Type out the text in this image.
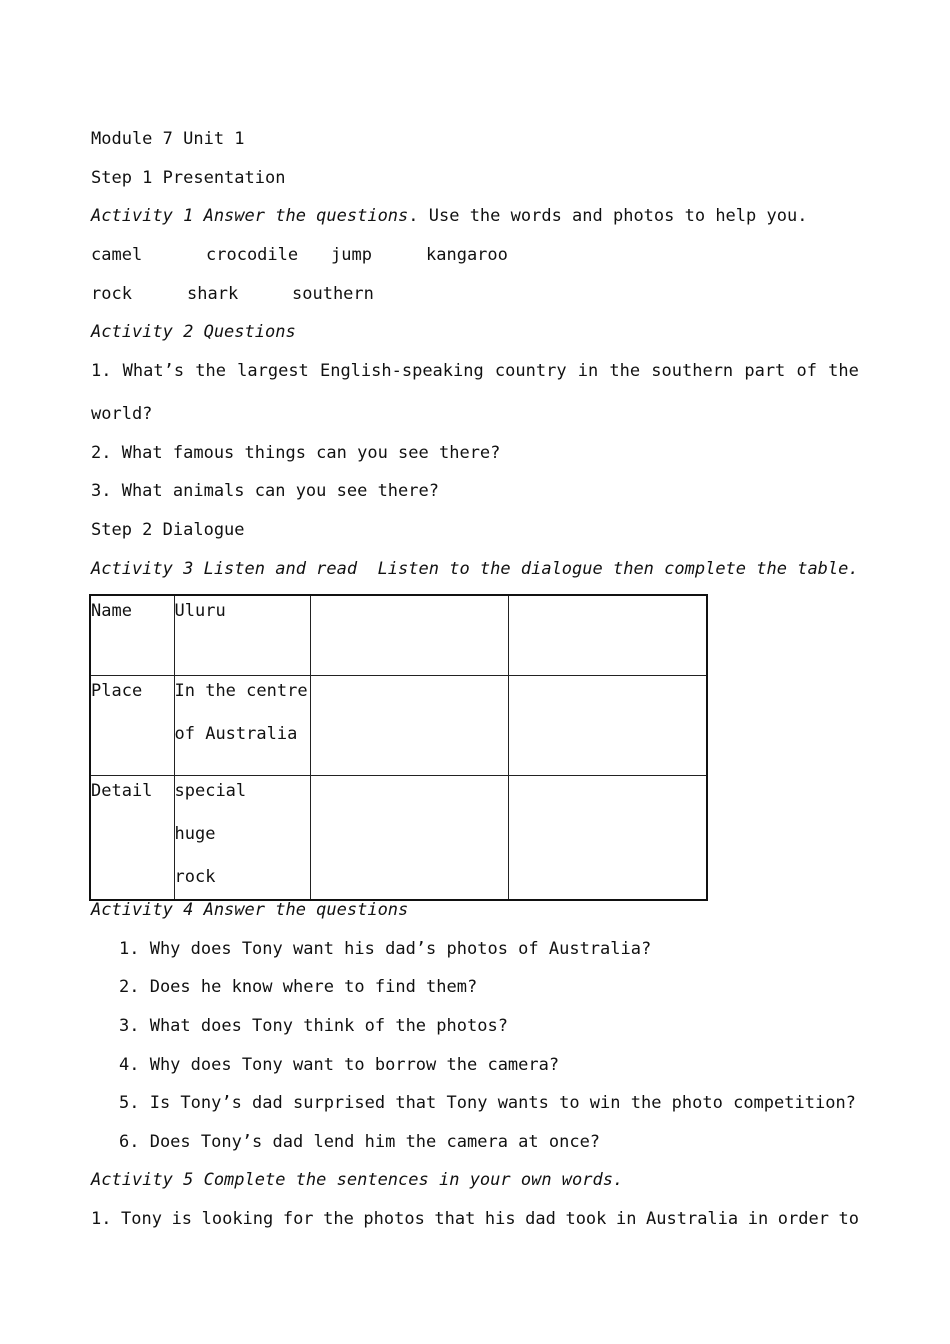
Module 7 Unit 1
Step 1 Presentation
Activity 1 Answer the questions. Use the words and photos to help you.
camel	crocodile jump	kangaroo
rock	shark	southern
Activity 2 Questions
1. What’s the largest English-speaking country in the southern part of the
world?
2. What famous things can you see there?
3. What animals can you see there?
Step 2 Dialogue
Activity 3 Listen and read  Listen to the dialogue then complete the table.
Name	Uluru		

Place	In the centre
of Australia		

Detail	special huge
rock		

Activity 4 Answer the questions
1. Why does Tony want his dad’s photos of Australia?
2. Does he know where to find them?
3. What does Tony think of the photos?
4. Why does Tony want to borrow the camera?
5. Is Tony’s dad surprised that Tony wants to win the photo competition?
6. Does Tony’s dad lend him the camera at once?
Activity 5 Complete the sentences in your own words.
1. Tony is looking for the photos that his dad took in Australia in order to
